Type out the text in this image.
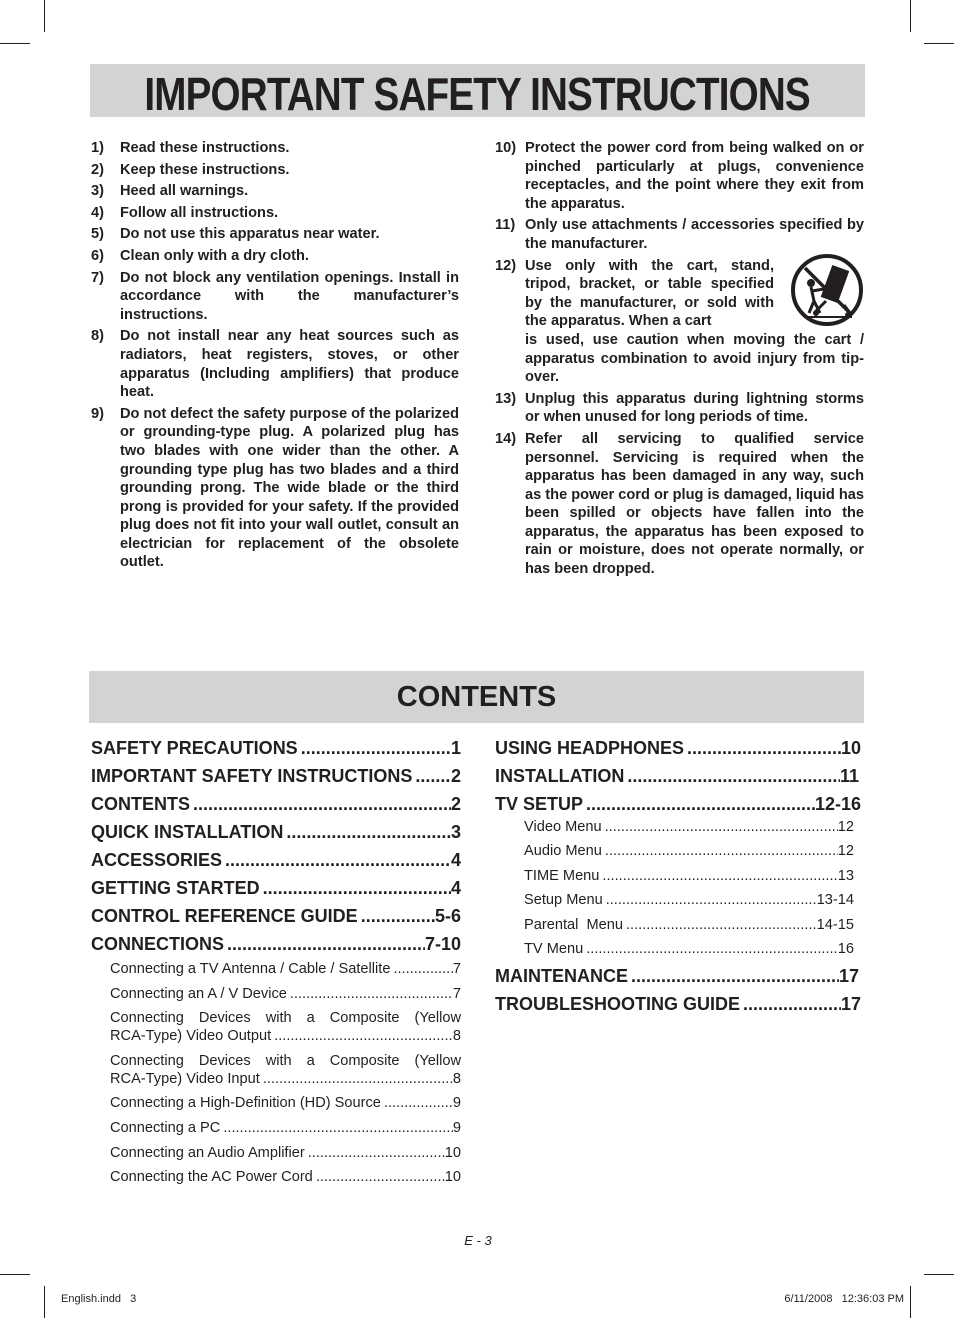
IMPORTANT SAFETY INSTRUCTIONS
1)	Read these instructions.
2)	Keep these instructions.
3)	Heed all warnings.
4)	Follow all instructions.
5)	Do not use this apparatus near water.
6)	Clean only with a dry cloth.
7)	Do not block any ventilation openings. Install in accordance with the manufacturer’s instructions.
8)	Do not install near any heat sources such as radiators, heat registers, stoves, or other apparatus (Including amplifiers) that produce heat.
9)	Do not defect the safety purpose of the polarized or grounding-type plug. A polarized plug has two blades with one wider than the other. A grounding type plug has two blades and a third grounding prong. The wide blade or the third prong is provided for your safety. If the provided plug does not fit into your wall outlet, consult an electrician for replacement of the obsolete outlet.
10) Protect the power cord from being walked on or pinched particularly at plugs, convenience receptacles, and the point where they exit from the apparatus.
11) Only use attachments / accessories specified by the manufacturer.
12) Use only with the cart, stand, tripod, bracket, or table specified by the manufacturer, or sold with the apparatus. When a cart
is used, use caution when moving the cart / apparatus combination to avoid injury from tip-over.
13) Unplug this apparatus during lightning storms or when unused for long periods of time.
14) Refer all servicing to qualified service personnel. Servicing is required when the apparatus has been damaged in any way, such as the power cord or plug is damaged, liquid has been spilled or objects have fallen into the apparatus, the apparatus has been exposed to rain or moisture, does not operate normally, or has been dropped.
CONTENTS
SAFETY PRECAUTIONS .....	1
IMPORTANT SAFETY INSTRUCTIONS ..... 2
CONTENTS .....	2
QUICK INSTALLATION .....	3
ACCESSORIES .....	4
GETTING STARTED .....	4
CONTROL REFERENCE GUIDE .....	5-6
CONNECTIONS .....	7-10
Connecting a TV Antenna / Cable / Satellite .....	7
Connecting an A / V Device .....	7
Connecting Devices with a Composite (Yellow
RCA-Type) Video Output .....	8
Connecting Devices with a Composite (Yellow
RCA-Type) Video Input .....	8
Connecting a High-Definition (HD) Source .....	9
Connecting a PC .....	9
Connecting an Audio Amplifier .....	10
Connecting the AC Power Cord .....	10
USING HEADPHONES .....	10
INSTALLATION .....	11
TV SETUP .....	12-16
Video Menu .....	12
Audio Menu .....	12
TIME Menu .....	13
Setup Menu .....	13-14
Parental  Menu .....	14-15
TV Menu .....	16
MAINTENANCE .....	17
TROUBLESHOOTING GUIDE .....	17
E - 3
English.indd   3	6/11/2008   12:36:03 PM
